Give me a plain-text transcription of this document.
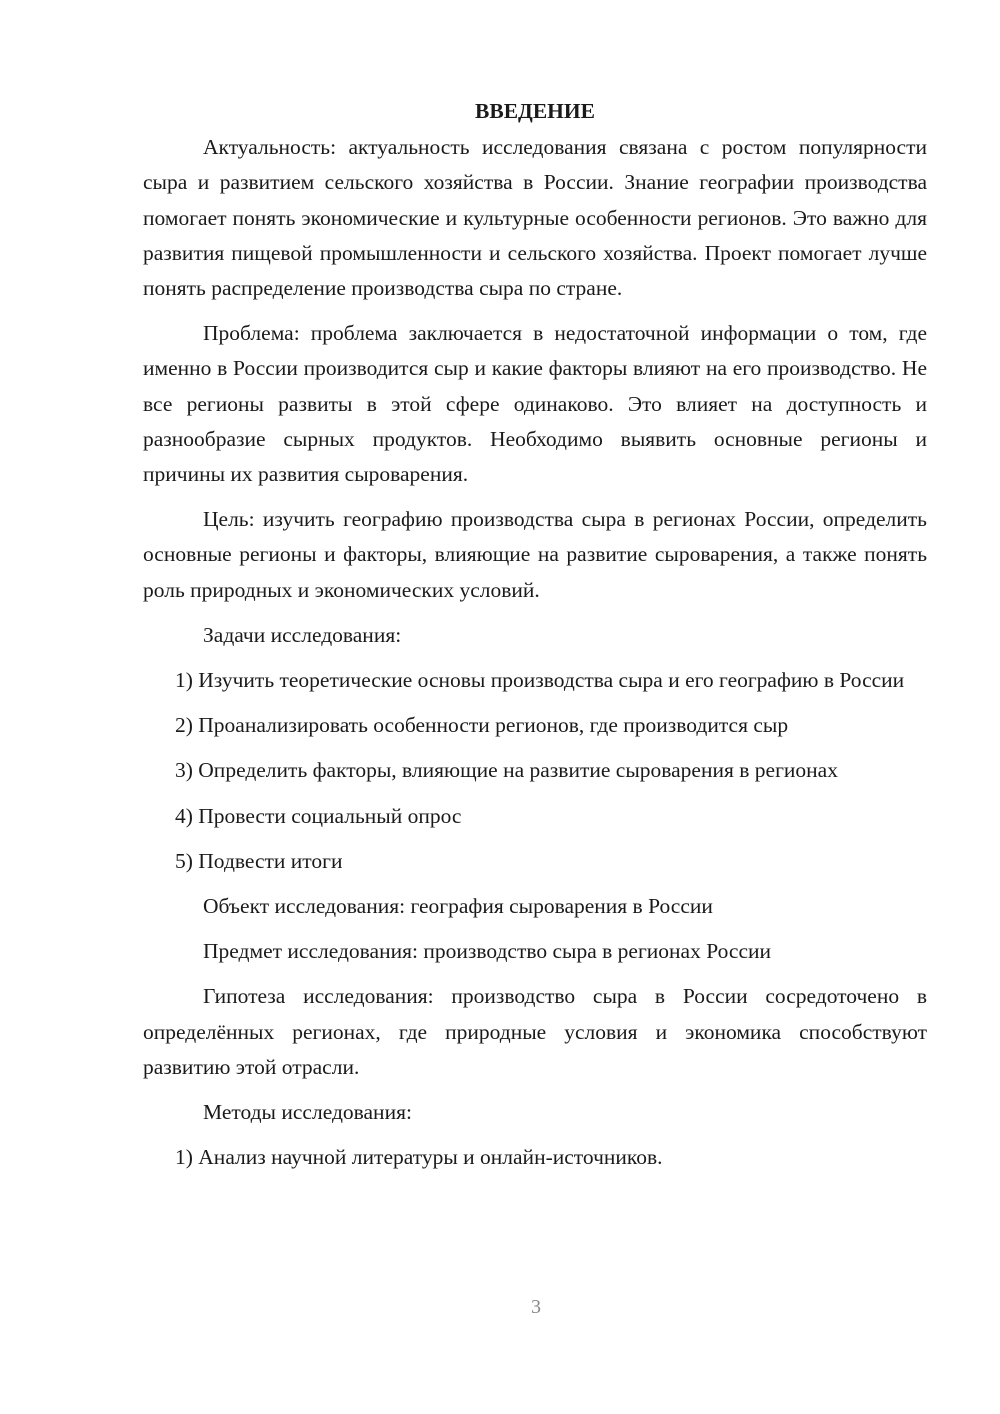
ВВЕДЕНИЕ

Актуальность: актуальность исследования связана с ростом популярности сыра и развитием сельского хозяйства в России. Знание географии производства помогает понять экономические и культурные особенности регионов. Это важно для развития пищевой промышленности и сельского хозяйства. Проект помогает лучше понять распределение производства сыра по стране.

Проблема: проблема заключается в недостаточной информации о том, где именно в России производится сыр и какие факторы влияют на его производство. Не все регионы развиты в этой сфере одинаково. Это влияет на доступность и разнообразие сырных продуктов. Необходимо выявить основные регионы и причины их развития сыроварения.

Цель: изучить географию производства сыра в регионах России, определить основные регионы и факторы, влияющие на развитие сыроварения, а также понять роль природных и экономических условий.

Задачи исследования:

1) Изучить теоретические основы производства сыра и его географию в России

2) Проанализировать особенности регионов, где производится сыр

3) Определить факторы, влияющие на развитие сыроварения в регионах

4) Провести социальный опрос

5) Подвести итоги

Объект исследования: география сыроварения в России

Предмет исследования: производство сыра в регионах России

Гипотеза исследования: производство сыра в России сосредоточено в определённых регионах, где природные условия и экономика способствуют развитию этой отрасли.

Методы исследования:

1) Анализ научной литературы и онлайн-источников.

3
